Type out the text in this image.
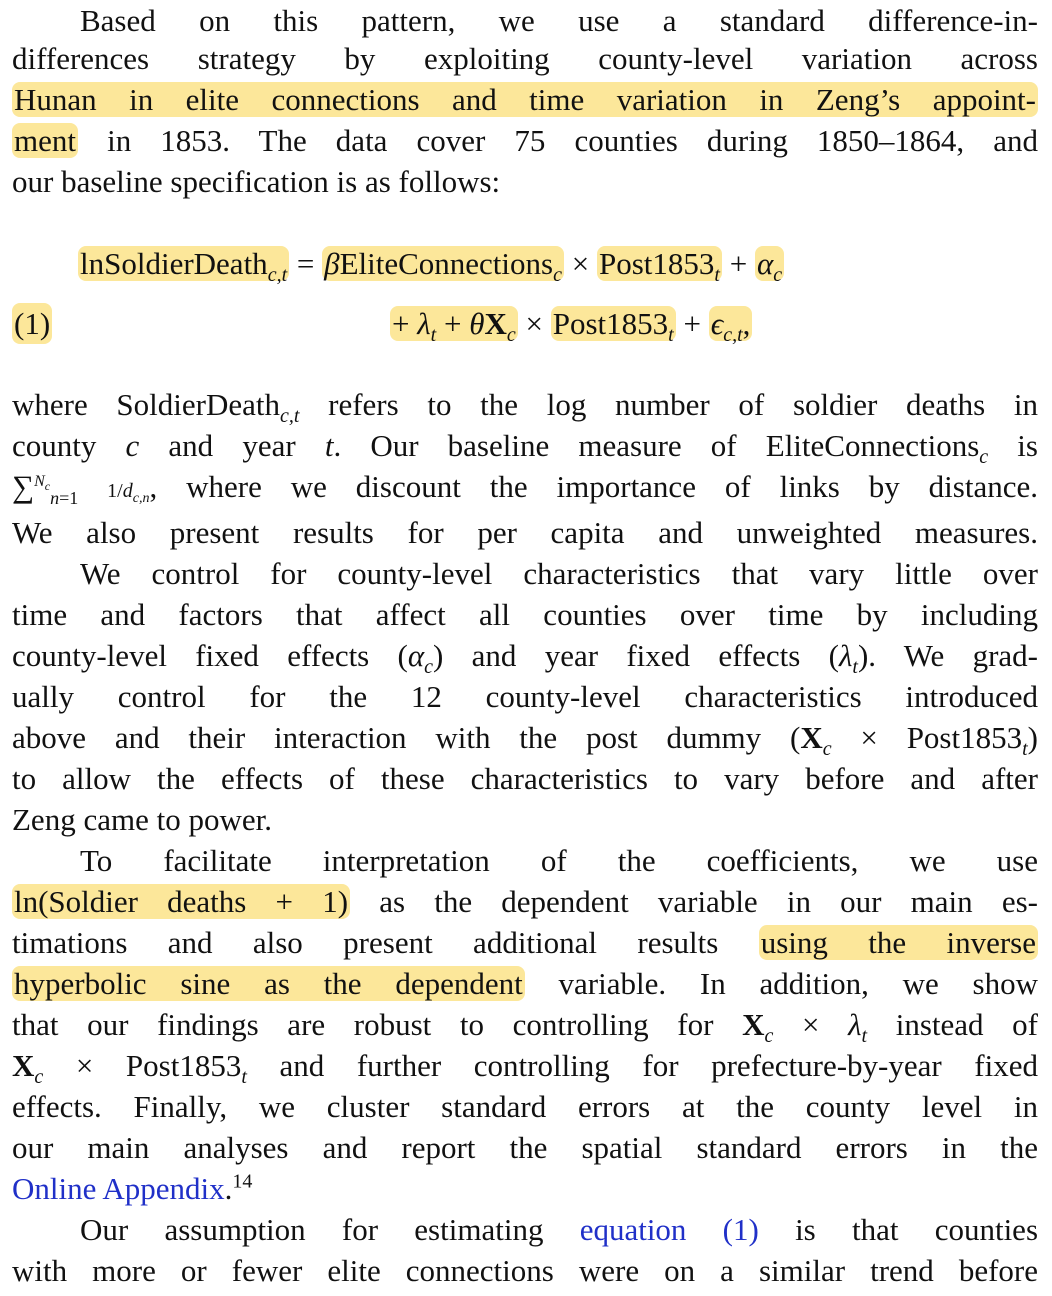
Based on this pattern, we use a standard difference-in-
differences strategy by exploiting county-level variation across
Hunan in elite connections and time variation in Zeng’s appoint-
ment in 1853. The data cover 75 counties during 1850–1864, and
our baseline specification is as follows:
lnSoldierDeath$_{c,t}$ = βEliteConnections$_c$ × $Post1853_t + \alpha_c$
(1)	+ $\lambda_t + \theta X_c$ × $Post1853_t + \epsilon_{c,t}$,
where SoldierDeath$_{c,t}$ refers to the log number of soldier deaths in
county c and year t. Our baseline measure of EliteConnections$_c$ is
∑$^{N_c}_{n=1}$ $1/d_{c,n}$, where we discount the importance of links by distance.
We also present results for per capita and unweighted measures.
We control for county-level characteristics that vary little over
time and factors that affect all counties over time by including
county-level fixed effects $(\alpha_c)$ and year fixed effects $(\lambda_t)$. We grad-
ually control for the 12 county-level characteristics introduced
above and their interaction with the post dummy ($X_c$ × $Post1853_t$)
to allow the effects of these characteristics to vary before and after
Zeng came to power.
To facilitate interpretation of the coefficients, we use
ln(Soldier deaths + 1) as the dependent variable in our main es-
timations and also present additional results using the inverse
hyperbolic sine as the dependent variable. In addition, we show
that our findings are robust to controlling for $X_c \times \lambda_t$ instead of
$X_c$ × $Post1853_t$ and further controlling for prefecture-by-year fixed
effects. Finally, we cluster standard errors at the county level in
our main analyses and report the spatial standard errors in the
Online Appendix.$^{14}$
Our assumption for estimating equation (1) is that counties
with more or fewer elite connections were on a similar trend before
